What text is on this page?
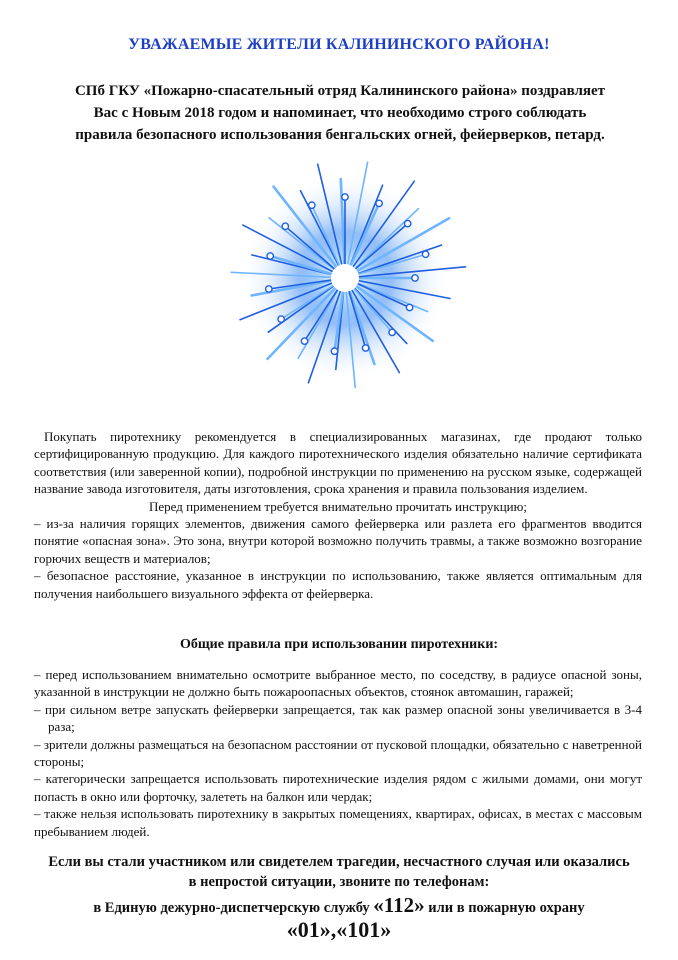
УВАЖАЕМЫЕ ЖИТЕЛИ КАЛИНИНСКОГО РАЙОНА!
СПб ГКУ «Пожарно-спасательный отряд Калининского района» поздравляет
Вас с Новым 2018 годом и напоминает, что необходимо строго соблюдать
правила безопасного использования бенгальских огней, фейерверков, петард.

Покупать пиротехнику рекомендуется в специализированных магазинах, где продают только сертифицированную продукцию. Для каждого пиротехнического изделия обязательно наличие сертификата соответствия (или заверенной копии), подробной инструкции по применению на русском языке, содержащей название завода изготовителя, даты изготовления, срока хранения и правила пользования изделием.

Перед применением требуется внимательно прочитать инструкцию;

– из-за наличия горящих элементов, движения самого фейерверка или разлета его фрагментов вводится понятие «опасная зона». Это зона, внутри которой возможно получить травмы, а также возможно возгорание горючих веществ и материалов;

– безопасное расстояние, указанное в инструкции по использованию, также является оптимальным для получения наибольшего визуального эффекта от фейерверка.

Общие правила при использовании пиротехники:

– перед использованием внимательно осмотрите выбранное место, по соседству, в радиусе опасной зоны, указанной в инструкции не должно быть пожароопасных объектов, стоянок автомашин, гаражей;

– при сильном ветре запускать фейерверки запрещается, так как размер опасной зоны увеличивается в 3-4 раза;

– зрители должны размещаться на безопасном расстоянии от пусковой площадки, обязательно с наветренной стороны;

– категорически запрещается использовать пиротехнические изделия рядом с жилыми домами, они могут попасть в окно или форточку, залететь на балкон или чердак;

– также нельзя использовать пиротехнику в закрытых помещениях, квартирах, офисах, в местах с массовым пребыванием людей.

Если вы стали участником или свидетелем трагедии, несчастного случая или оказались
в непростой ситуации, звоните по телефонам:
в Единую дежурно-диспетчерскую службу «112» или в пожарную охрану
«01»,«101»
